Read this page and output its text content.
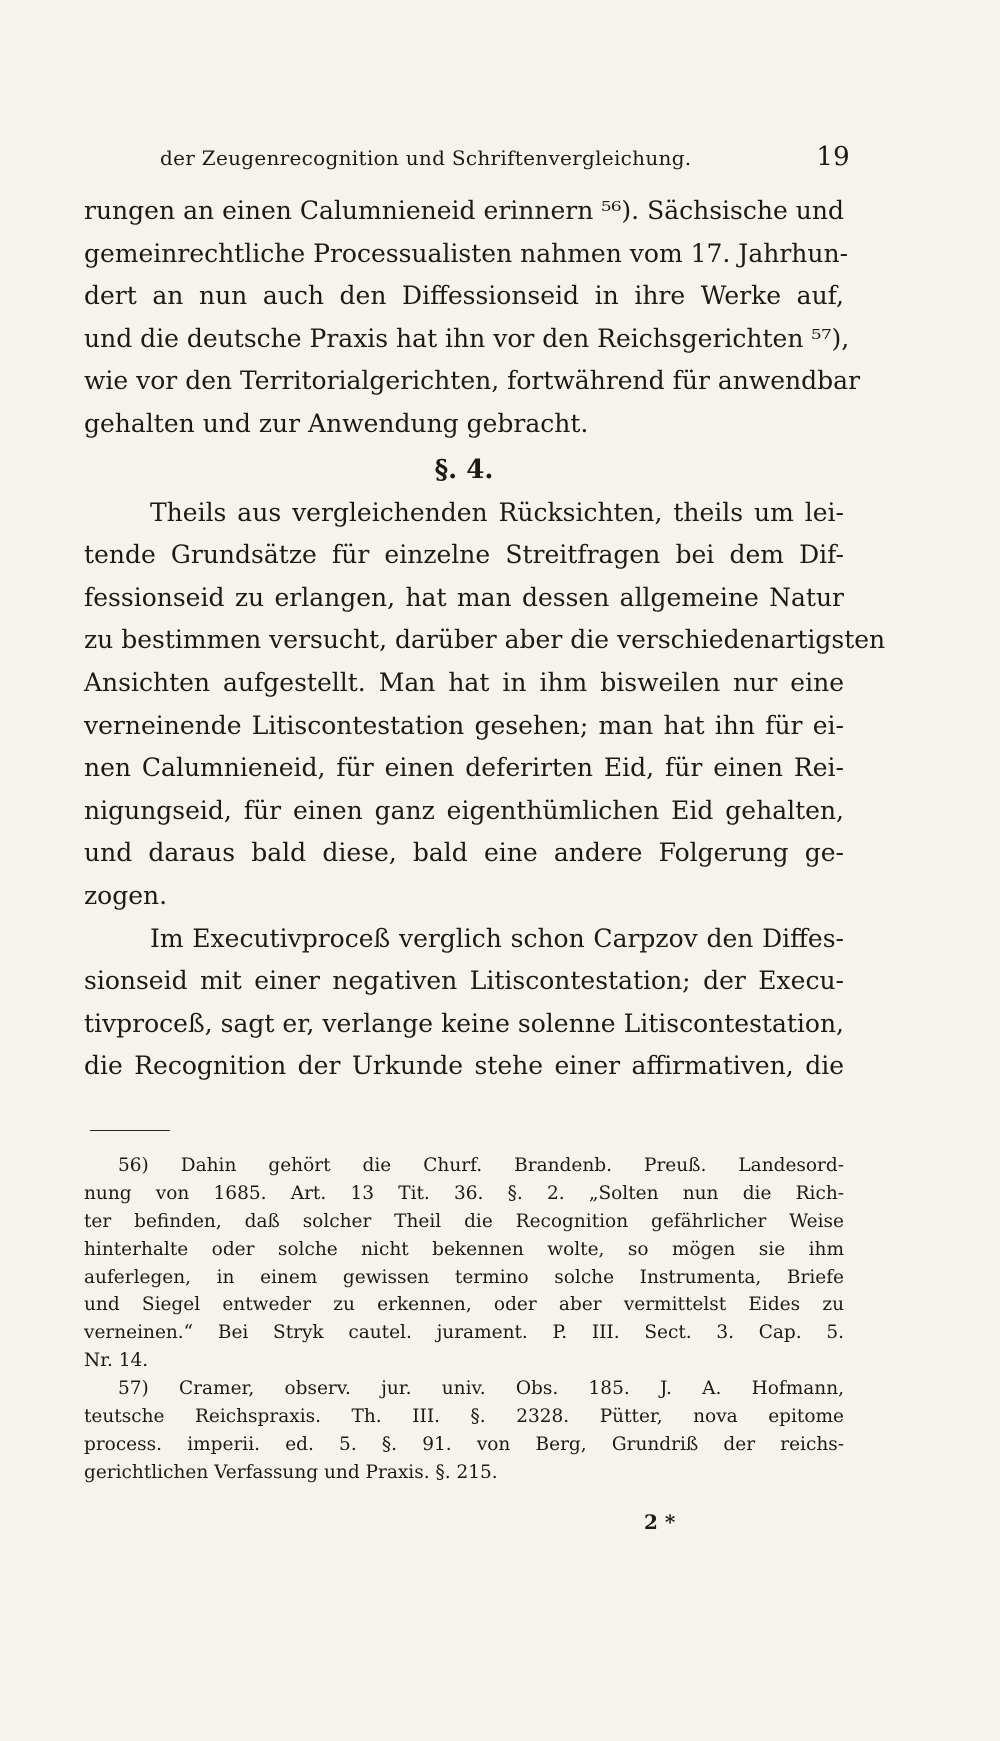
der Zeugenrecognition und Schriftenvergleichung.	19
rungen an einen Calumnieneid erinnern ⁵⁶). Sächsische und
gemeinrechtliche Processualisten nahmen vom 17. Jahrhun-
dert an nun auch den Diffessionseid in ihre Werke auf,
und die deutsche Praxis hat ihn vor den Reichsgerichten ⁵⁷),
wie vor den Territorialgerichten, fortwährend für anwendbar
gehalten und zur Anwendung gebracht.
§. 4.
Theils aus vergleichenden Rücksichten, theils um lei-
tende Grundsätze für einzelne Streitfragen bei dem Dif-
fessionseid zu erlangen, hat man dessen allgemeine Natur
zu bestimmen versucht, darüber aber die verschiedenartigsten
Ansichten aufgestellt. Man hat in ihm bisweilen nur eine
verneinende Litiscontestation gesehen; man hat ihn für ei-
nen Calumnieneid, für einen deferirten Eid, für einen Rei-
nigungseid, für einen ganz eigenthümlichen Eid gehalten,
und daraus bald diese, bald eine andere Folgerung ge-
zogen.
Im Executivproceß verglich schon Carpzov den Diffes-
sionseid mit einer negativen Litiscontestation; der Execu-
tivproceß, sagt er, verlange keine solenne Litiscontestation,
die Recognition der Urkunde stehe einer affirmativen, die
56) Dahin gehört die Churf. Brandenb. Preuß. Landesord-
nung von 1685. Art. 13 Tit. 36. §. 2. „Solten nun die Rich-
ter befinden, daß solcher Theil die Recognition gefährlicher Weise
hinterhalte oder solche nicht bekennen wolte, so mögen sie ihm
auferlegen, in einem gewissen termino solche Instrumenta, Briefe
und Siegel entweder zu erkennen, oder aber vermittelst Eides zu
verneinen.“ Bei Stryk cautel. jurament. P. III. Sect. 3. Cap. 5.
Nr. 14.
57) Cramer, observ. jur. univ. Obs. 185. J. A. Hofmann,
teutsche Reichspraxis. Th. III. §. 2328. Pütter, nova epitome
process. imperii. ed. 5. §. 91. von Berg, Grundriß der reichs-
gerichtlichen Verfassung und Praxis. §. 215.
2 *
